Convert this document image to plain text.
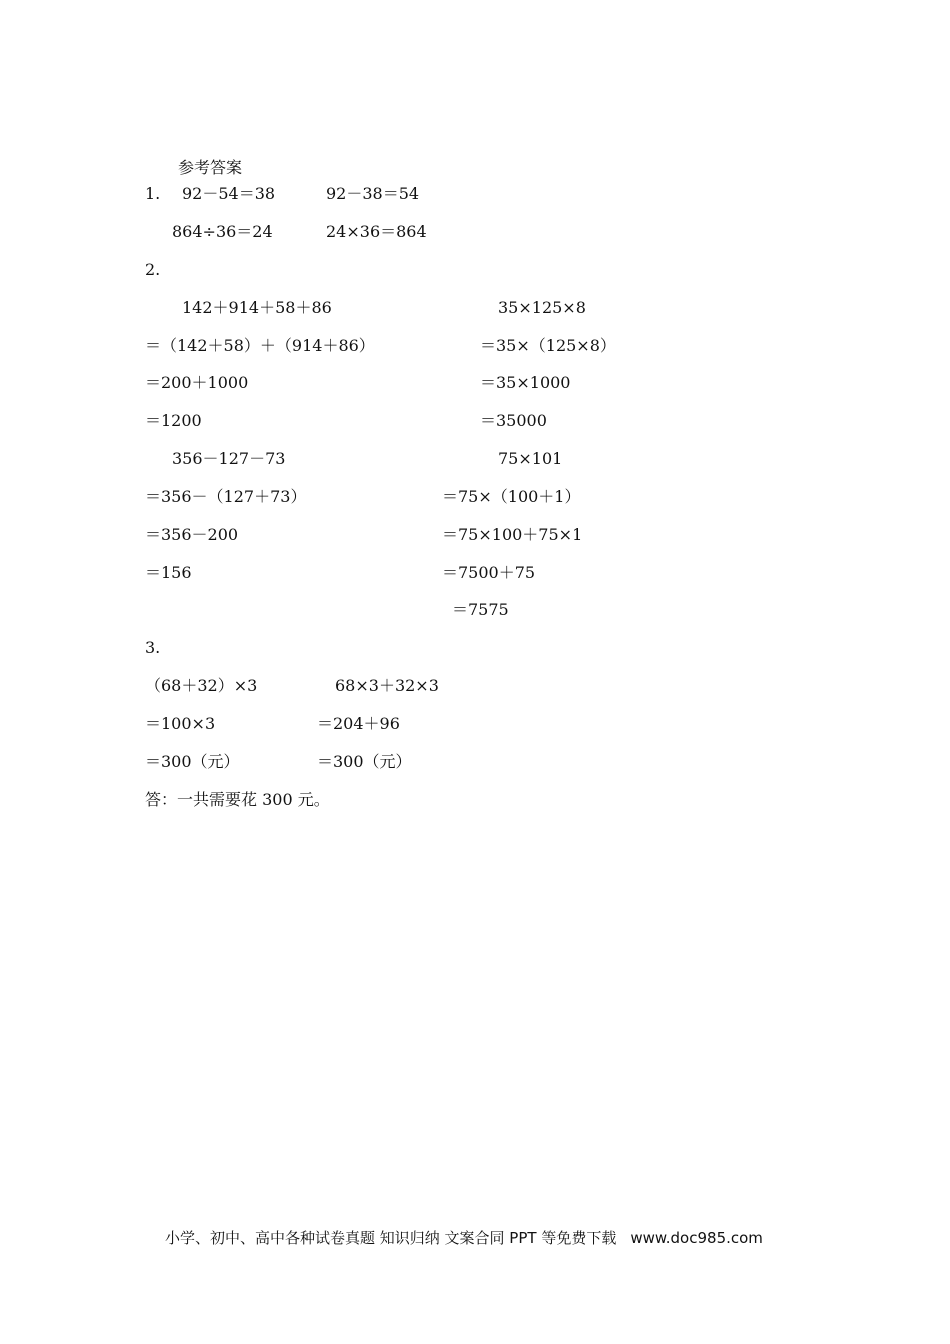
参考答案
1. 92－54＝38	92－38＝54
864÷36＝24	24×36＝864
2.
142＋914＋58＋86
＝（142＋58）＋（914＋86）
＝200＋1000
＝1200
35×125×8
＝35×（125×8）
＝35×1000
＝35000
356－127－73
＝356－（127＋73）
＝356－200
＝156
75×101
＝75×（100＋1）
＝75×100＋75×1
＝7500＋75
＝7575
3.
（68＋32）×3
＝100×3
＝300（元）
68×3＋32×3
＝204＋96
＝300（元）
答：一共需要花 300 元。
小学、初中、高中各种试卷真题 知识归纳 文案合同 PPT 等免费下载 www.doc985.com
